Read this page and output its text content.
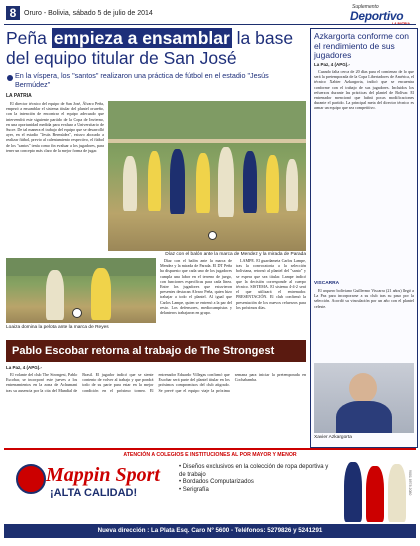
8	Oruro - Bolivia, sábado 5 de julio de 2014
Suplemento
Deportivo
Peña empieza a ensamblar la base del equipo titular de San José
En la víspera, los "santos" realizaron una práctica de fútbol en el estadio "Jesús Bermúdez"
LA PATRIA

El director técnico del equipo de San José, Álvaro Peña, empezó a ensamblar el sistema titular del plantel orureño, con la intención de encontrar el equipo adecuado que intervendrá este siguiente partido de la Copa de Invierno, en una oportunidad medida para evaluar a Universitario de Sucre. De tal manera el trabajo del equipo que se desarrolló ayer, en el estadio "Jesús Bermúdez", estuvo abocado a realizar fútbol, previo al calentamiento respectivo, el fútbol de los "santos" tenía como fin evaluar a los jugadores, para tener un concepto más claro de la mejor forma de jugar.

Díaz con el balón ante la marca de Mendez y la mirada de Parada
Loaiza domina la pelota ante la marca de Reyes

Díaz con el balón ante la marca de Mendez y la mirada de Parada. El DT Peña ha dispuesto que cada uno de los jugadores cumpla una labor en el terreno de juego, con funciones específicas para cada línea. Entre los jugadores que estuvieron presentes destacan Alvaro Peña, quien hizo trabajar a todo el plantel. Al igual que Carlos Lampe, quien se entrenó a la par del resto. Los defensores, mediocampistas y delanteros trabajaron en grupo.

LAMPE. El guardameta Carlos Lampe, tras la convocatoria a la selección boliviana, retornó al plantel del "santo" y se espera que sea titular. Lampe indicó que la decisión corresponde al cuerpo técnico. SISTEMA. El sistema 4-4-2 será el que utilizará el entrenador. PRESENTACIÓN. El club confirmó la presentación de los nuevos refuerzos para los próximos días.

Azkargorta conforme con el rendimiento de sus jugadores
La Paz, 4 (APG).-

Cuando falta cerca de 20 días para el comienzo de lo que será la pretemporada de la Copa Libertadores de América, el técnico Xabier Azkargorta, indicó que se encuentra conforme con el trabajo de sus jugadores. Incluidos los refuerzos durante las prácticas del plantel de Bolívar. El entrenador mencionó que habrá pocas modificaciones durante el partido. La principal meta del director técnico es armar un equipo que sea competitivo.

VISCARRA

El arquero boliviano Guillermo Viscarra (21 años) llegó a La Paz para incorporarse a su club tras su paso por la selección. Acordó su vinculación por un año con el plantel celeste.

Xavier Azkargorta
Pablo Escobar retorna al trabajo de The Strongest
La Paz, 4 (APG).-

El volante del club The Strongest, Pablo Escobar, se incorporó este jueves a los entrenamientos en la zona de Achumani tras su ausencia por la cita del Mundial de Brasil. El jugador indicó que se siente contento de volver al trabajo y que pondrá todo de su parte para estar en la mejor condición en el próximo torneo. El entrenador Eduardo Villegas confirmó que Escobar será parte del plantel titular en los próximos compromisos del club atigrado. Se prevé que el equipo viaje la próxima semana para iniciar la pretemporada en Cochabamba.

ATENCIÓN A COLEGIOS E INSTITUCIONES AL POR MAYOR Y MENOR
Mappin Sport
¡ALTA CALIDAD!
• Diseños exclusivos en la colección de ropa deportiva y de trabajo
• Bordados Computarizados
• Serigrafía
Nueva dirección : La Plata Esq. Caro Nº 5600 - Teléfonos: 5279826 y 5241291
9001 8978 2080
